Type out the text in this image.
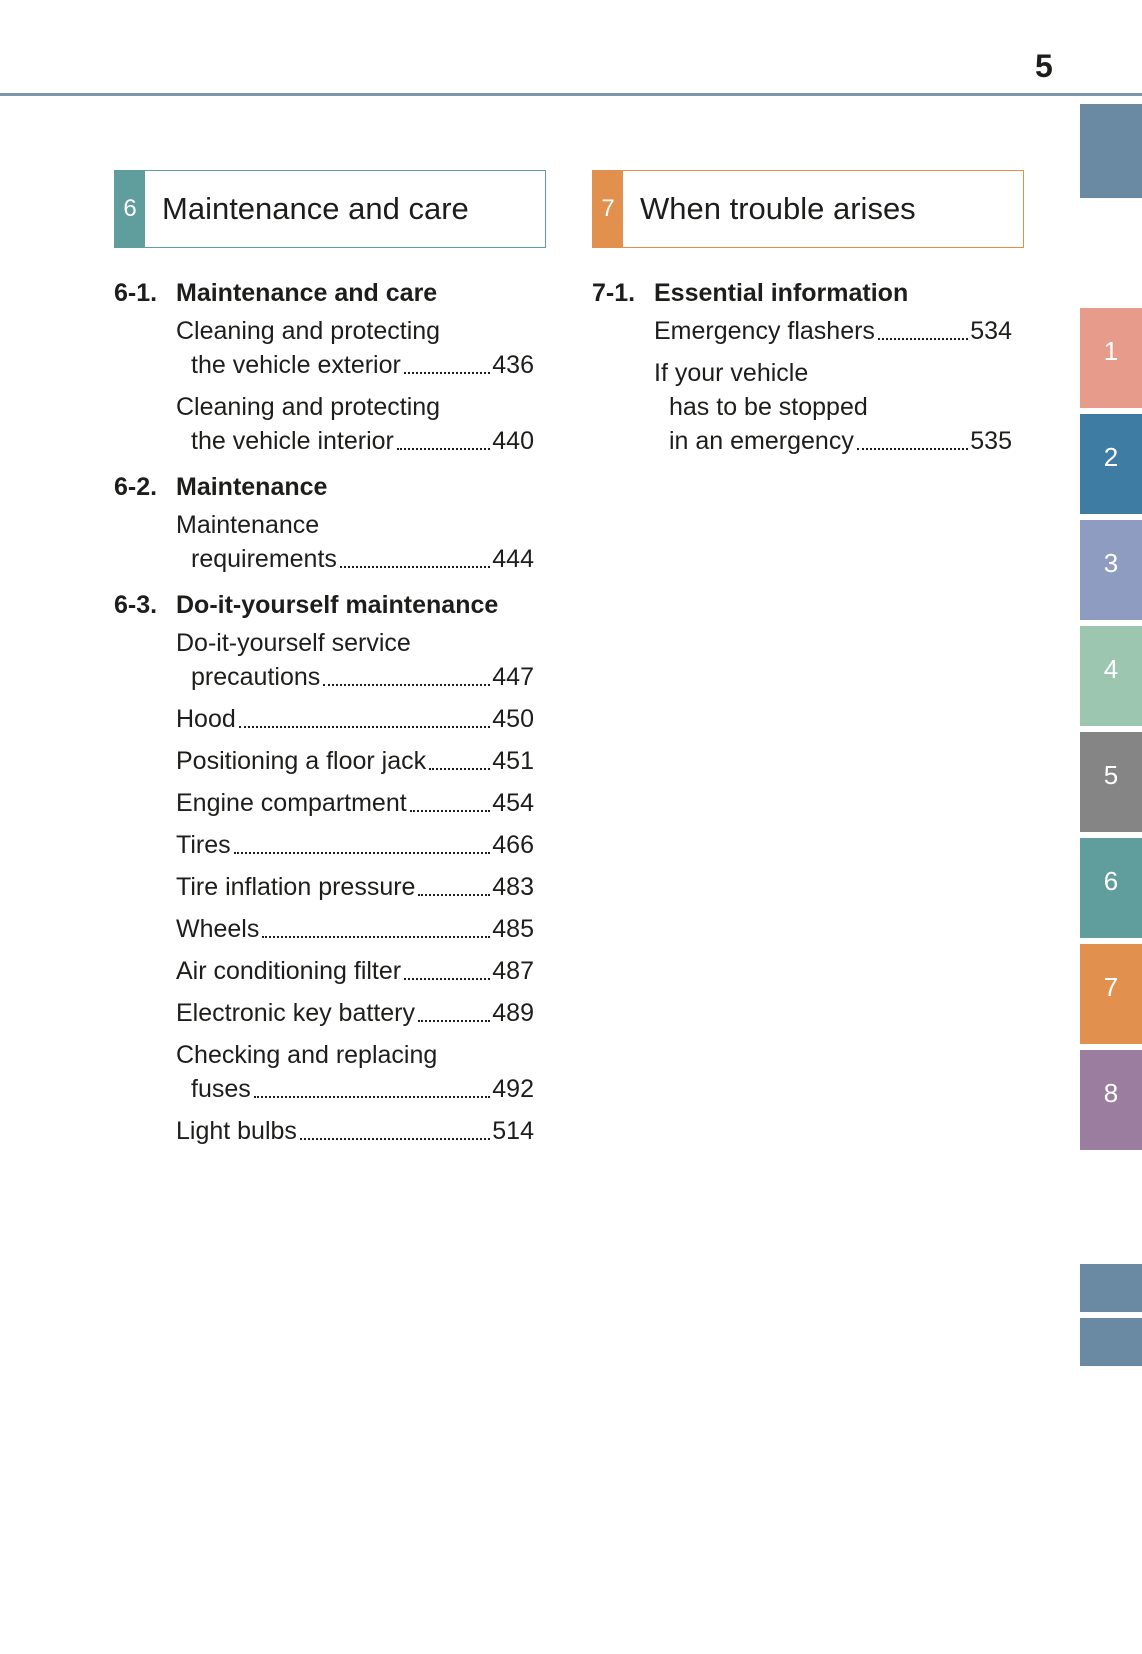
5
1
2
3
4
5
6
7
8
6 Maintenance and care	7 When trouble arises
6-1. Maintenance and care
Cleaning and protecting
the vehicle exterior	436
Cleaning and protecting
the vehicle interior	440
6-2. Maintenance
Maintenance
requirements	444
6-3. Do-it-yourself maintenance
Do-it-yourself service
precautions	447
Hood	450
Positioning a floor jack	451
Engine compartment	454
Tires	466
Tire inflation pressure	483
Wheels	485
Air conditioning filter	487
Electronic key battery	489
Checking and replacing
fuses	492
Light bulbs	514
7-1. Essential information
Emergency flashers	534
If your vehicle
has to be stopped
in an emergency	535
